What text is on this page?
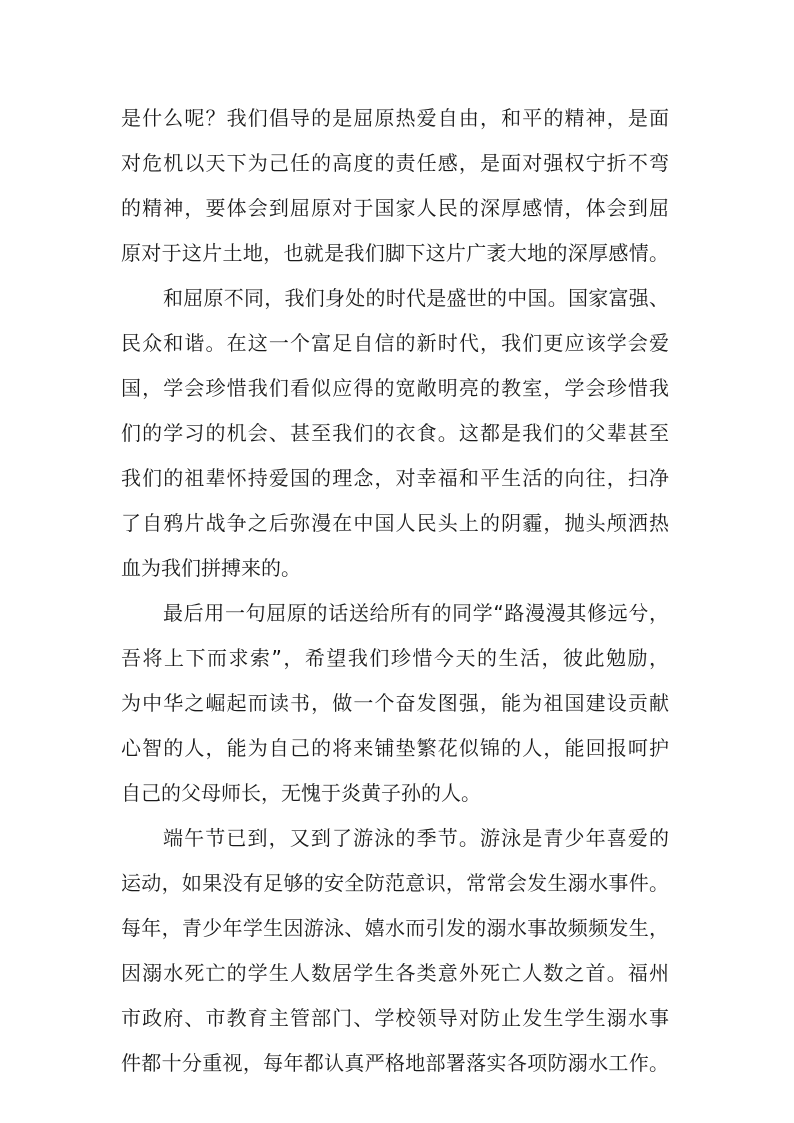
是什么呢？我们倡导的是屈原热爱自由，和平的精神，是面
对危机以天下为己任的高度的责任感，是面对强权宁折不弯
的精神，要体会到屈原对于国家人民的深厚感情，体会到屈
原对于这片土地，也就是我们脚下这片广袤大地的深厚感情。
和屈原不同，我们身处的时代是盛世的中国。国家富强、
民众和谐。在这一个富足自信的新时代，我们更应该学会爱
国，学会珍惜我们看似应得的宽敞明亮的教室，学会珍惜我
们的学习的机会、甚至我们的衣食。这都是我们的父辈甚至
我们的祖辈怀持爱国的理念，对幸福和平生活的向往，扫净
了自鸦片战争之后弥漫在中国人民头上的阴霾，抛头颅洒热
血为我们拼搏来的。
最后用一句屈原的话送给所有的同学“路漫漫其修远兮，
吾将上下而求索”，希望我们珍惜今天的生活，彼此勉励，
为中华之崛起而读书，做一个奋发图强，能为祖国建设贡献
心智的人，能为自己的将来铺垫繁花似锦的人，能回报呵护
自己的父母师长，无愧于炎黄子孙的人。
端午节已到，又到了游泳的季节。游泳是青少年喜爱的
运动，如果没有足够的安全防范意识，常常会发生溺水事件。
每年，青少年学生因游泳、嬉水而引发的溺水事故频频发生，
因溺水死亡的学生人数居学生各类意外死亡人数之首。福州
市政府、市教育主管部门、学校领导对防止发生学生溺水事
件都十分重视，每年都认真严格地部署落实各项防溺水工作。
